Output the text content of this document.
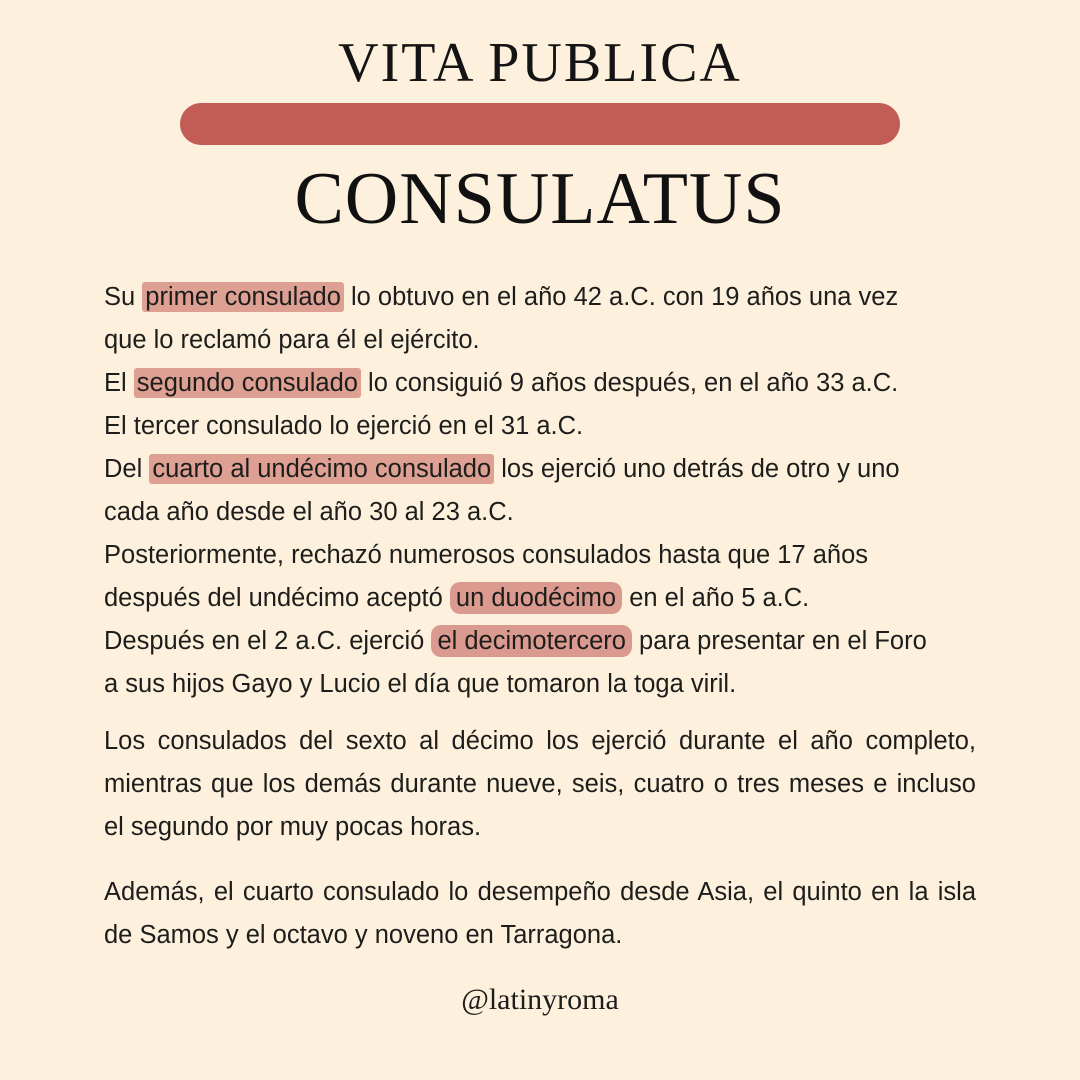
VITA PUBLICA
CONSULATUS

Su primer consulado lo obtuvo en el año 42 a.C. con 19 años una vez

que lo reclamó para él el ejército.

El segundo consulado lo consiguió 9 años después, en el año 33 a.C.

El tercer consulado lo ejerció en el 31 a.C.

Del cuarto al undécimo consulado los ejerció uno detrás de otro y uno

cada año desde el año 30 al 23 a.C.

Posteriormente, rechazó numerosos consulados hasta que 17 años

después del undécimo aceptó un duodécimo en el año 5 a.C.

Después en el 2 a.C. ejerció el decimotercero para presentar en el Foro

a sus hijos Gayo y Lucio el día que tomaron la toga viril.

Los consulados del sexto al décimo los ejerció durante el año completo, mientras que los demás durante nueve, seis, cuatro o tres meses e incluso el segundo por muy pocas horas.

Además, el cuarto consulado lo desempeño desde Asia, el quinto en la isla de Samos y el octavo y noveno en Tarragona.

@latinyroma
